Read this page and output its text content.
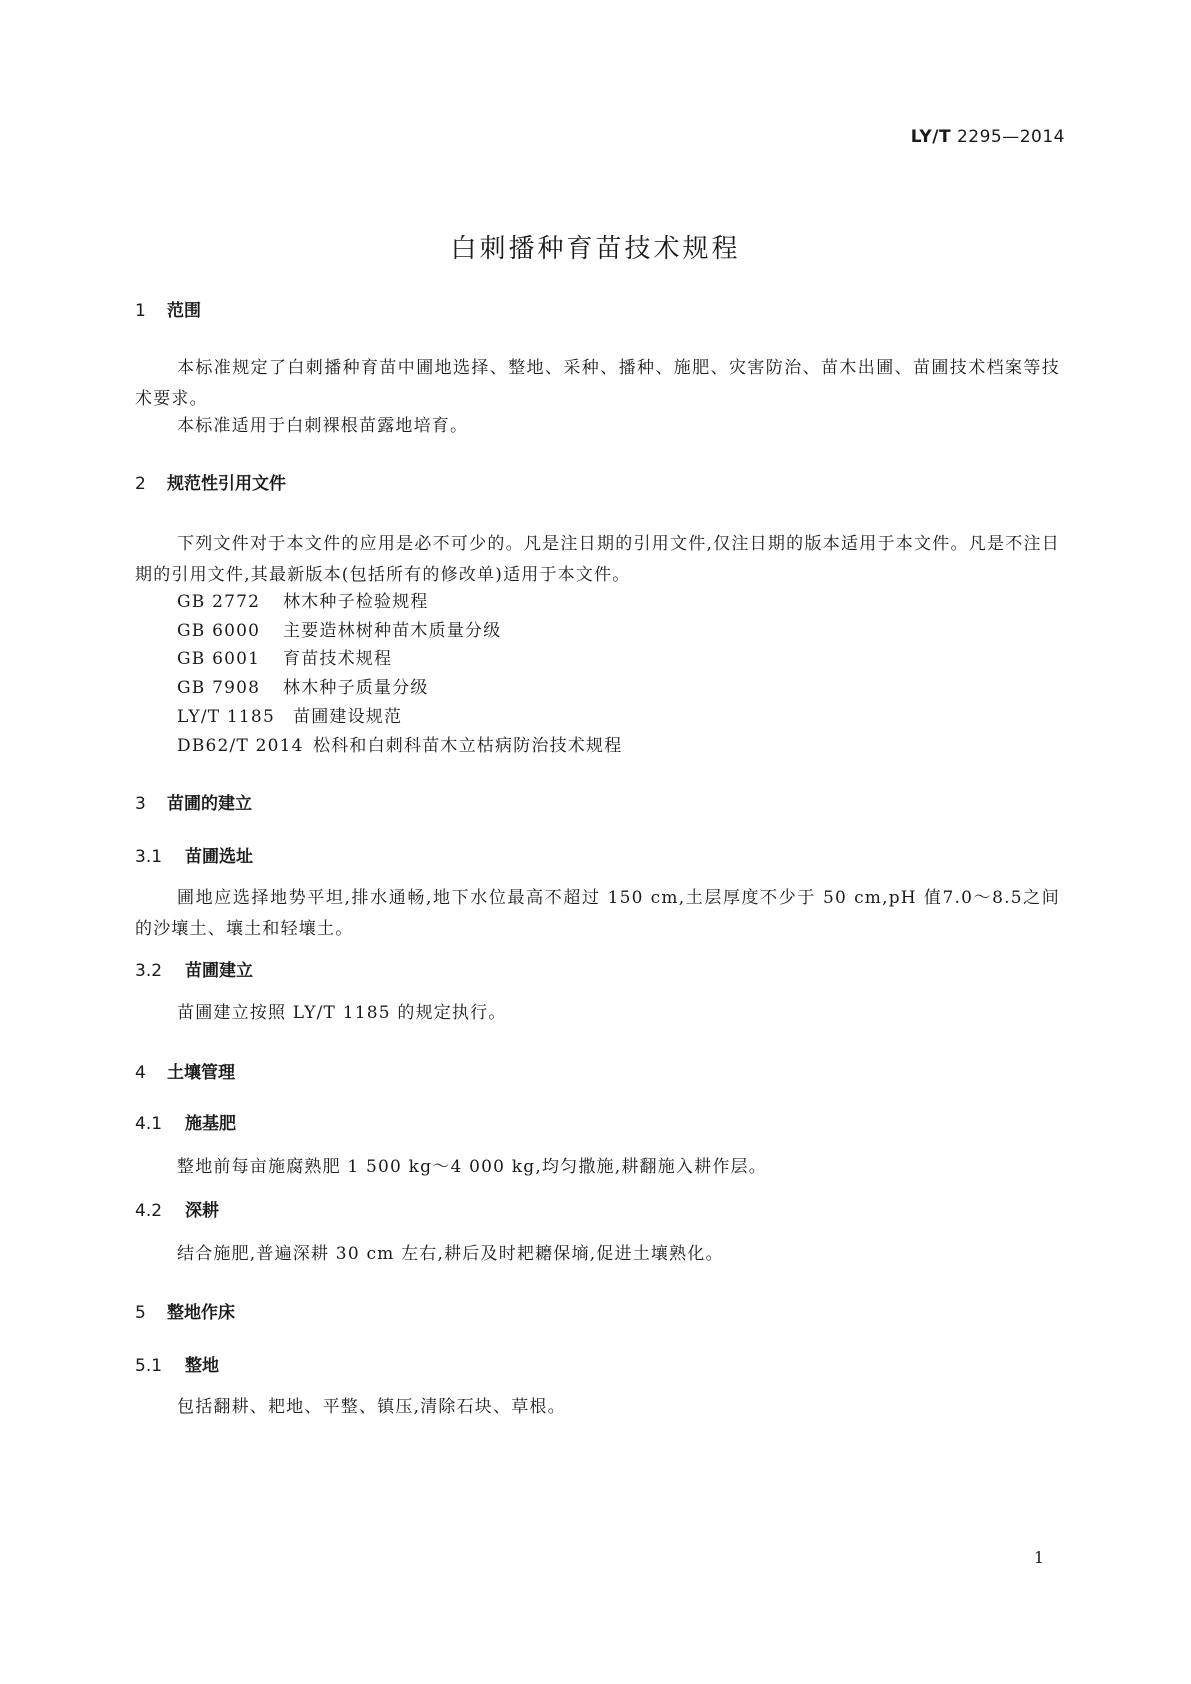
LY/T 2295—2014
白刺播种育苗技术规程
1 范围

本标准规定了白刺播种育苗中圃地选择、整地、采种、播种、施肥、灾害防治、苗木出圃、苗圃技术档案等技术要求。

本标准适用于白刺裸根苗露地培育。

2 规范性引用文件

下列文件对于本文件的应用是必不可少的。凡是注日期的引用文件,仅注日期的版本适用于本文件。凡是不注日期的引用文件,其最新版本(包括所有的修改单)适用于本文件。

GB 2772 林木种子检验规程
GB 6000 主要造林树种苗木质量分级
GB 6001 育苗技术规程
GB 7908 林木种子质量分级
LY/T 1185 苗圃建设规范
DB62/T 2014 松科和白刺科苗木立枯病防治技术规程
3 苗圃的建立
3.1 苗圃选址

圃地应选择地势平坦,排水通畅,地下水位最高不超过 150 cm,土层厚度不少于 50 cm,pH 值7.0～8.5之间的沙壤土、壤土和轻壤土。

3.2 苗圃建立

苗圃建立按照 LY/T 1185 的规定执行。

4 土壤管理
4.1 施基肥

整地前每亩施腐熟肥 1 500 kg～4 000 kg,均匀撒施,耕翻施入耕作层。

4.2 深耕

结合施肥,普遍深耕 30 cm 左右,耕后及时耙耱保墒,促进土壤熟化。

5 整地作床
5.1 整地

包括翻耕、耙地、平整、镇压,清除石块、草根。

1
